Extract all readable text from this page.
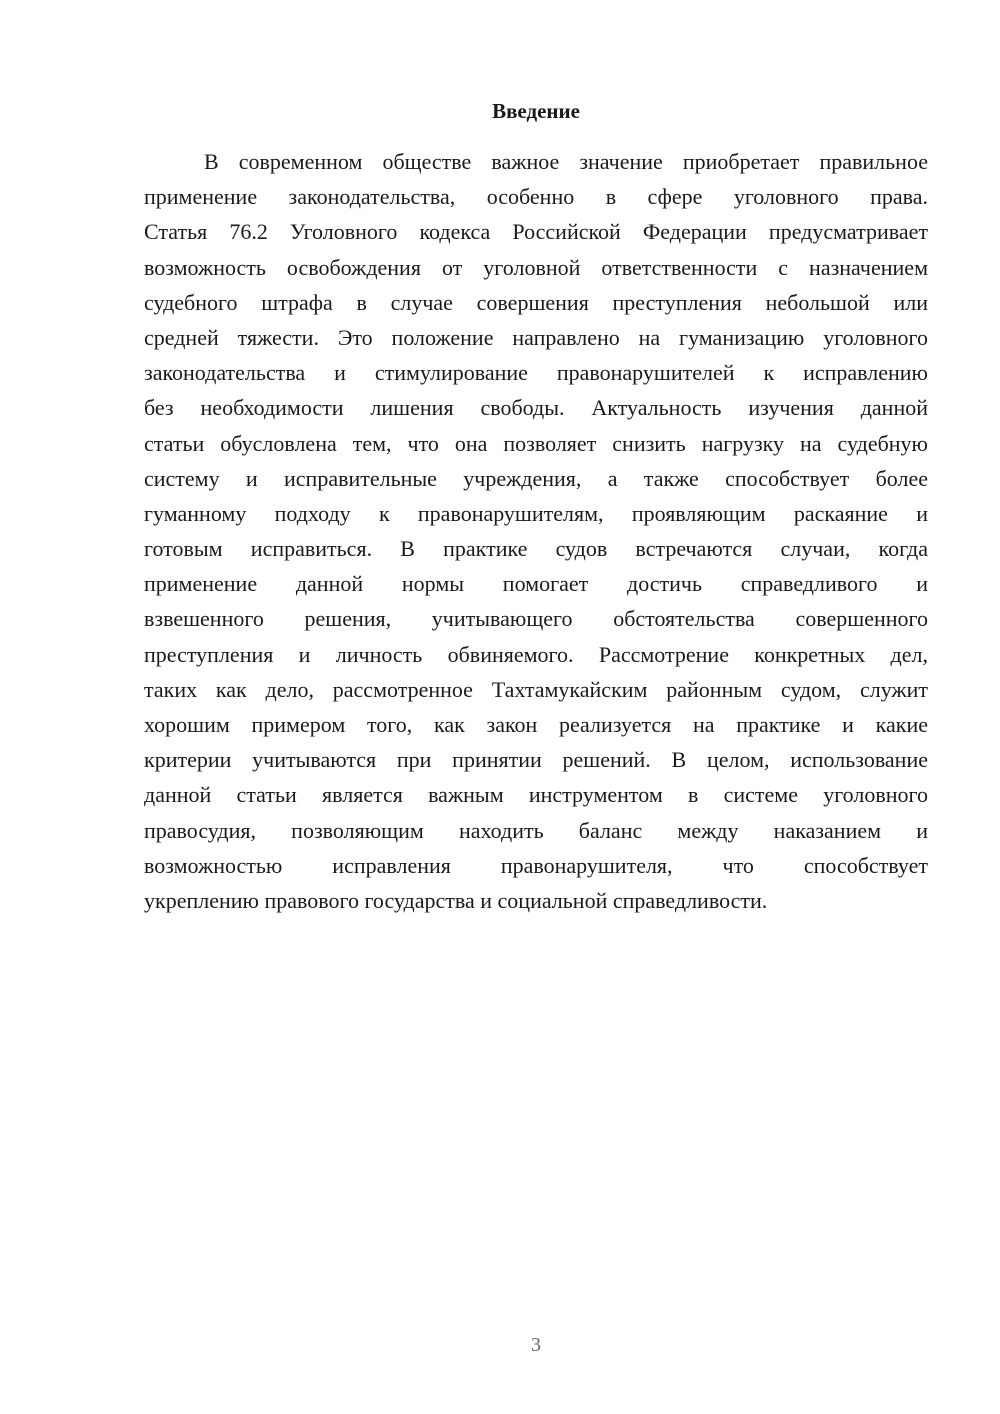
Введение
В современном обществе важное значение приобретает правильное
применение законодательства, особенно в сфере уголовного права.
Статья 76.2 Уголовного кодекса Российской Федерации предусматривает
возможность освобождения от уголовной ответственности с назначением
судебного штрафа в случае совершения преступления небольшой или
средней тяжести. Это положение направлено на гуманизацию уголовного
законодательства и стимулирование правонарушителей к исправлению
без необходимости лишения свободы. Актуальность изучения данной
статьи обусловлена тем, что она позволяет снизить нагрузку на судебную
систему и исправительные учреждения, а также способствует более
гуманному подходу к правонарушителям, проявляющим раскаяние и
готовым исправиться. В практике судов встречаются случаи, когда
применение данной нормы помогает достичь справедливого и
взвешенного решения, учитывающего обстоятельства совершенного
преступления и личность обвиняемого. Рассмотрение конкретных дел,
таких как дело, рассмотренное Тахтамукайским районным судом, служит
хорошим примером того, как закон реализуется на практике и какие
критерии учитываются при принятии решений. В целом, использование
данной статьи является важным инструментом в системе уголовного
правосудия, позволяющим находить баланс между наказанием и
возможностью исправления правонарушителя, что способствует
укреплению правового государства и социальной справедливости.
3
